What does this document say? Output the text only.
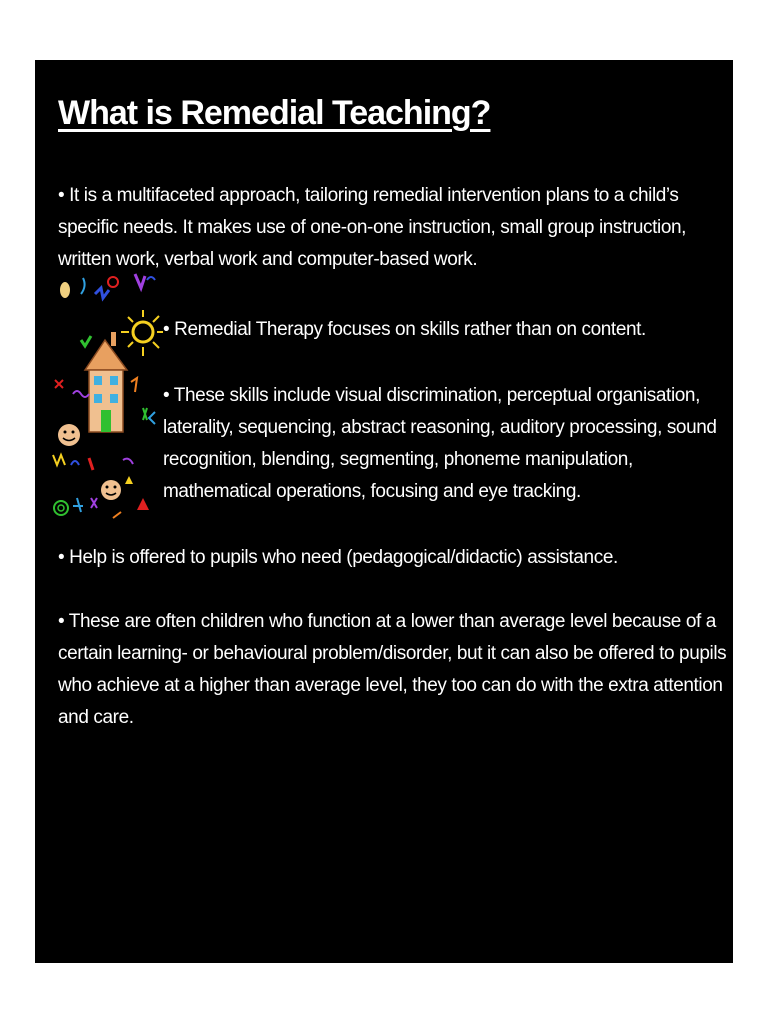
What is Remedial Teaching?
• It is a multifaceted approach, tailoring remedial intervention plans to a child’s specific needs. It makes use of one-on-one instruction, small group instruction, written work, verbal work and computer-based work.
• Remedial Therapy focuses on skills rather than on content.
• These skills include visual discrimination, perceptual organisation, laterality, sequencing, abstract reasoning, auditory processing, sound recognition, blending, segmenting, phoneme manipulation, mathematical operations, focusing and eye tracking.
• Help is offered to pupils who need (pedagogical/didactic) assistance.
• These are often children who function at a lower than average level because of a certain learning- or behavioural problem/disorder, but it can also be offered to pupils who achieve at a higher than average level, they too can do with the extra attention and care.
